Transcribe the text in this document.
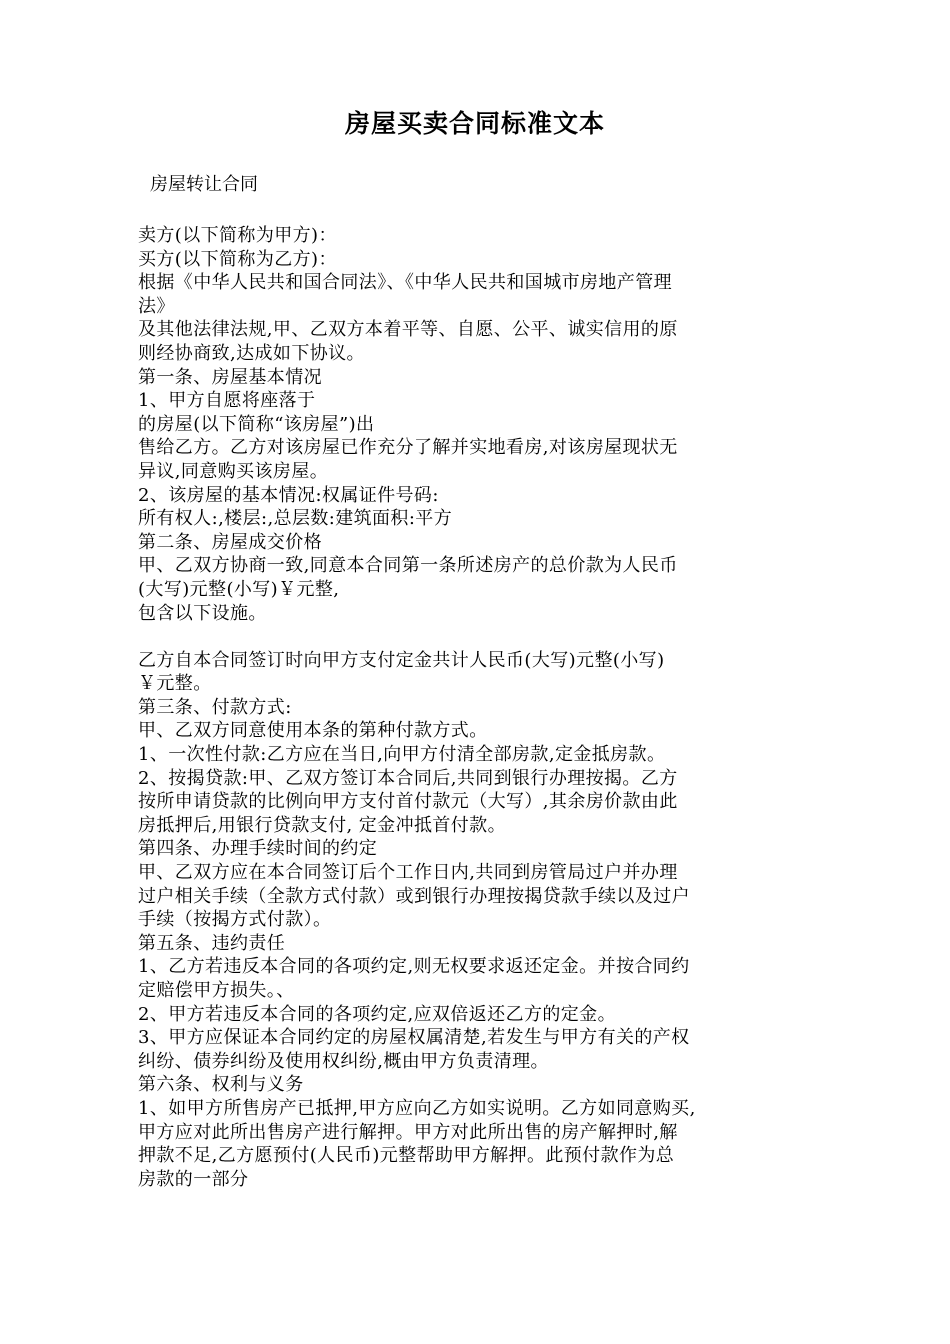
房屋买卖合同标准文本
房屋转让合同
卖方(以下简称为甲方)：
买方(以下简称为乙方)：
根据《中华人民共和国合同法》、《中华人民共和国城市房地产管理
法》
及其他法律法规,甲、乙双方本着平等、自愿、公平、诚实信用的原
则经协商致,达成如下协议。
第一条、房屋基本情况
1、甲方自愿将座落于
的房屋(以下简称“该房屋”)出
售给乙方。乙方对该房屋已作充分了解并实地看房,对该房屋现状无
异议,同意购买该房屋。
2、该房屋的基本情况:权属证件号码:
所有权人:,楼层:,总层数:建筑面积:平方
第二条、房屋成交价格
甲、乙双方协商一致,同意本合同第一条所述房产的总价款为人民币
(大写)元整(小写)￥元整,
包含以下设施。
乙方自本合同签订时向甲方支付定金共计人民币(大写)元整(小写)
￥元整。
第三条、付款方式:
甲、乙双方同意使用本条的第种付款方式。
1、一次性付款:乙方应在当日,向甲方付清全部房款,定金抵房款。
2、按揭贷款:甲、乙双方签订本合同后,共同到银行办理按揭。乙方
按所申请贷款的比例向甲方支付首付款元（大写）,其余房价款由此
房抵押后,用银行贷款支付, 定金冲抵首付款。
第四条、办理手续时间的约定
甲、乙双方应在本合同签订后个工作日内,共同到房管局过户并办理
过户相关手续（全款方式付款）或到银行办理按揭贷款手续以及过户
手续（按揭方式付款）。
第五条、违约责任
1、乙方若违反本合同的各项约定,则无权要求返还定金。并按合同约
定赔偿甲方损失。、
2、甲方若违反本合同的各项约定,应双倍返还乙方的定金。
3、甲方应保证本合同约定的房屋权属清楚,若发生与甲方有关的产权
纠纷、债券纠纷及使用权纠纷,概由甲方负责清理。
第六条、权利与义务
1、如甲方所售房产已抵押,甲方应向乙方如实说明。乙方如同意购买,
甲方应对此所出售房产进行解押。甲方对此所出售的房产解押时,解
押款不足,乙方愿预付(人民币)元整帮助甲方解押。此预付款作为总
房款的一部分
